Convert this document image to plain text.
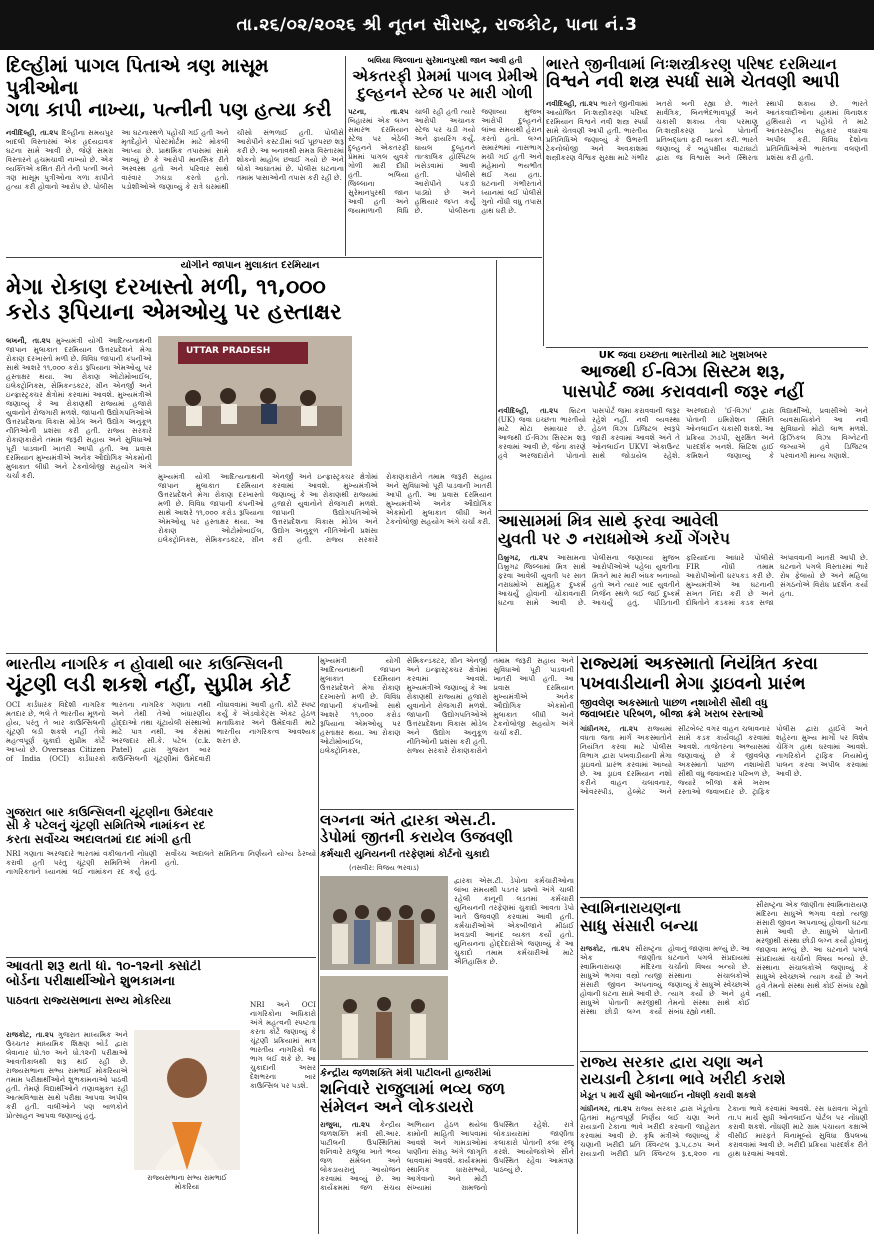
તા.૨૬/૦૨/૨૦૨૬ શ્રી નૂતન સૌરાષ્ટ્ર, રાજકોટ, પાના નં.3
દિલ્હીમાં પાગલ પિતાએ ત્રણ માસૂમ પુત્રીઓના
ગળા કાપી નાખ્યા, પત્નીની પણ હત્યા કરી
નવીદિલ્હી, તા.૨૫ દિલ્હીના સમયપુર બાદલી વિસ્તારમાં એક હૃદયદ્રાવક ઘટના સામે આવી છે, જેણે સમગ્ર વિસ્તારને હચમચાવી નાખ્યો છે. એક વ્યક્તિએ કથિત રીતે તેની પત્ની અને ત્રણ માસૂમ પુત્રીઓના ગળા કાપીને હત્યા કરી હોવાનો આરોપ છે. પોલીસ આ ઘટનાસ્થળે પહોંચી ગઈ હતી અને મૃતદેહોને પોસ્ટમોર્ટમ માટે મોકલી આપ્યા છે. પ્રાથમિક તપાસમાં સામે આવ્યું છે કે આરોપી માનસિક રીતે અસ્વસ્થ હતો અને પરિવાર સાથે વારંવાર ઝઘડા કરતો હતો. પડોશીઓએ જણાવ્યું કે રાત્રે ઘરમાંથી ચીસો સંભળાઈ હતી. પોલીસે આરોપીને કસ્ટડીમાં લઈ પૂછપરછ શરૂ કરી છે. આ બનાવથી સમગ્ર વિસ્તારમાં શોકનો માહોલ છવાઈ ગયો છે અને લોકો આઘાતમાં છે. પોલીસ ઘટનાના તમામ પાસાઓની તપાસ કરી રહી છે.
બલિયા જિલ્લાના સુરેમાનપુરથી જાન આવી હતી
એકતરફી પ્રેમમાં પાગલ પ્રેમીએ
દુલ્હનને સ્ટેજ પર મારી ગોળી
પટના, તા.૨૫ બિહારમાં એક લગ્ન સમારંભ દરમિયાન સ્ટેજ પર બેઠેલી દુલ્હનને એકતરફી પ્રેમમાં પાગલ યુવકે ગોળી મારી દીધી હતી. બલિયા જિલ્લાના સુરેમાનપુરથી જાન આવી હતી અને જયમાળાની વિધિ ચાલી રહી હતી ત્યારે આરોપી અચાનક સ્ટેજ પર ચડી ગયો અને ફાયરિંગ કર્યું. ઘાયલ દુલ્હનને તાત્કાલિક હોસ્પિટલ ખસેડવામાં આવી હતી. પોલીસે આરોપીને પકડી પાડ્યો છે અને હથિયાર જપ્ત કર્યું છે. પોલીસના જણાવ્યા મુજબ આરોપી દુલ્હનને લાંબા સમયથી હેરાન કરતો હતો. લગ્ન સમારંભમાં નાસભાગ મચી ગઈ હતી અને મહેમાનો ભયભીત થઈ ગયા હતા. ઘટનાની ગંભીરતાને ધ્યાનમાં લઈ પોલીસે ગુનો નોંધી વધુ તપાસ હાથ ધરી છે.
ભારતે જીનીવામાં નિઃશસ્ત્રીકરણ પરિષદ દરમિયાન
વિશ્વને નવી શસ્ત્ર સ્પર્ધા સામે ચેતવણી આપી
નવીદિલ્હી, તા.૨૫ ભારતે જીનીવામાં આયોજિત નિઃશસ્ત્રીકરણ પરિષદ દરમિયાન વિશ્વને નવી શસ્ત્ર સ્પર્ધા સામે ચેતવણી આપી હતી. ભારતીય પ્રતિનિધિએ જણાવ્યું કે ઉભરતી ટેકનોલોજી અને અવકાશમાં શસ્ત્રીકરણ વૈશ્વિક સુરક્ષા માટે ગંભીર ખતરો બની રહ્યા છે. ભારતે સાર્વત્રિક, બિનભેદભાવપૂર્ણ અને ચકાસી શકાય તેવા પરમાણુ નિઃશસ્ત્રીકરણ પ્રત્યે પોતાની પ્રતિબદ્ધતા ફરી વ્યક્ત કરી. ભારતે જણાવ્યું કે બહુપક્ષીય વાટાઘાટો દ્વારા જ વિશ્વાસ અને સ્થિરતા સ્થાપી શકાય છે. ભારતે આતંકવાદીઓના હાથમાં વિનાશક હથિયારો ન પહોંચે તે માટે આંતરરાષ્ટ્રીય સહકાર વધારવા અપીલ કરી. વિવિધ દેશોના પ્રતિનિધિઓએ ભારતના વલણની પ્રશંસા કરી હતી.
યોગીને જાપાન મુલાકાત દરમિયાન
મેગા રોકાણ દરખાસ્તો મળી, ૧૧,૦૦૦
કરોડ રૂપિયાના એમઓયુ પર હસ્તાક્ષર
UTTAR PRADESH
લખનૌ, તા.૨૫ મુખ્યમંત્રી યોગી આદિત્યનાથની જાપાન મુલાકાત દરમિયાન ઉત્તરપ્રદેશને મેગા રોકાણ દરખાસ્તો મળી છે. વિવિધ જાપાની કંપનીઓ સાથે આશરે ૧૧,૦૦૦ કરોડ રૂપિયાના એમઓયુ પર હસ્તાક્ષર થયા. આ રોકાણ ઓટોમોબાઈલ, ઇલેક્ટ્રોનિક્સ, સેમિકન્ડક્ટર, ગ્રીન એનર્જી અને ઇન્ફ્રાસ્ટ્રક્ચર ક્ષેત્રોમાં કરવામાં આવશે. મુખ્યમંત્રીએ જણાવ્યું કે આ રોકાણથી રાજ્યમાં હજારો યુવાનોને રોજગારી મળશે. જાપાની ઉદ્યોગપતિઓએ ઉત્તરપ્રદેશના વિકાસ મોડેલ અને ઉદ્યોગ અનુકૂળ નીતિઓની પ્રશંસા કરી હતી. રાજ્ય સરકારે રોકાણકારોને તમામ જરૂરી સહાય અને સુવિધાઓ પૂરી પાડવાની ખાતરી આપી હતી. આ પ્રવાસ દરમિયાન મુખ્યમંત્રીએ અનેક ઔદ્યોગિક એકમોની મુલાકાત લીધી અને ટેકનોલોજી સહયોગ અંગે ચર્ચા કરી.	મુખ્યમંત્રી યોગી આદિત્યનાથની જાપાન મુલાકાત દરમિયાન ઉત્તરપ્રદેશને મેગા રોકાણ દરખાસ્તો મળી છે. વિવિધ જાપાની કંપનીઓ સાથે આશરે ૧૧,૦૦૦ કરોડ રૂપિયાના એમઓયુ પર હસ્તાક્ષર થયા. આ રોકાણ ઓટોમોબાઈલ, ઇલેક્ટ્રોનિક્સ, સેમિકન્ડક્ટર, ગ્રીન એનર્જી અને ઇન્ફ્રાસ્ટ્રક્ચર ક્ષેત્રોમાં કરવામાં આવશે. મુખ્યમંત્રીએ જણાવ્યું કે આ રોકાણથી રાજ્યમાં હજારો યુવાનોને રોજગારી મળશે. જાપાની ઉદ્યોગપતિઓએ ઉત્તરપ્રદેશના વિકાસ મોડેલ અને ઉદ્યોગ અનુકૂળ નીતિઓની પ્રશંસા કરી હતી. રાજ્ય સરકારે રોકાણકારોને તમામ જરૂરી સહાય અને સુવિધાઓ પૂરી પાડવાની ખાતરી આપી હતી. આ પ્રવાસ દરમિયાન મુખ્યમંત્રીએ અનેક ઔદ્યોગિક એકમોની મુલાકાત લીધી અને ટેકનોલોજી સહયોગ અંગે ચર્ચા કરી.
UK જવા ઇચ્છતા ભારતીયો માટે ખુશખબર
આજથી ઈ-વિઝા સિસ્ટમ શરૂ,
પાસપોર્ટ જમા કરાવવાની જરૂર નહીં
નવીદિલ્હી, તા.૨૫ બ્રિટન (UK) જવા ઇચ્છતા ભારતીયો માટે મોટા સમાચાર છે. આજથી ઈ-વિઝા સિસ્ટમ શરૂ કરવામાં આવી છે, જેના કારણે હવે અરજદારોને પોતાનો પાસપોર્ટ જમા કરાવવાની જરૂર રહેશે નહીં. નવી વ્યવસ્થા હેઠળ વિઝા ડિજિટલ સ્વરૂપે જારી કરવામાં આવશે અને તે ઓનલાઈન UKVI એકાઉન્ટ સાથે જોડાયેલ રહેશે. અરજદારો 'ઈ-વિઝા' દ્વારા પોતાની ઇમિગ્રેશન સ્થિતિ ઓનલાઈન ચકાસી શકશે. આ પ્રક્રિયા ઝડપી, સુરક્ષિત અને પારદર્શક બનશે. બ્રિટિશ હાઈ કમિશને જણાવ્યું કે વિદ્યાર્થીઓ, પ્રવાસીઓ અને વ્યવસાયિકોને આ નવી સુવિધાનો મોટો લાભ મળશે. ફિઝિકલ વિઝા વિગ્નેટની જગ્યાએ હવે ડિજિટલ પરવાનગી માન્ય ગણાશે.
આસામમાં મિત્ર સાથે ફરવા આવેલી
યુવતી પર ૭ નરાધમોએ કર્યો ગેંગરેપ
ડિબ્રુગઢ, તા.૨૫ આસામના ડિબ્રુગઢ જિલ્લામાં મિત્ર સાથે ફરવા આવેલી યુવતી પર સાત નરાધમોએ સામૂહિક દુષ્કર્મ આચર્યું હોવાની ચોંકાવનારી ઘટના સામે આવી છે. પોલીસના જણાવ્યા મુજબ આરોપીઓએ પહેલા યુવતીના મિત્રને માર મારી બંધક બનાવ્યો હતો અને ત્યાર બાદ યુવતીને નિર્જન સ્થળે લઈ જઈ દુષ્કર્મ આચર્યું હતું. પીડિતાની ફરિયાદના આધારે પોલીસે FIR નોંધી તમામ આરોપીઓની ધરપકડ કરી છે. મુખ્યમંત્રીએ આ ઘટનાની સખત નિંદા કરી છે અને દોષિતોને કડકમાં કડક સજા અપાવવાની ખાતરી આપી છે. ઘટનાને પગલે વિસ્તારમાં ભારે રોષ ફેલાયો છે અને મહિલા સંગઠનોએ વિરોધ પ્રદર્શન કર્યા હતા.
રાજ્યમાં અકસ્માતો નિયંત્રિત કરવા
પખવાડીયાની મેગા ડ્રાઇવનો પ્રારંભ
જીવલેણ અકસ્માતો પાછળ નશાખોરી સૌથી વધુ
જવાબદાર પરિબળ, બીજા ક્રમે ખરાબ રસ્તાઓ
ગાંધીનગર, તા.૨૫ રાજ્યમાં વધતા જતા માર્ગ અકસ્માતોને નિયંત્રિત કરવા માટે પોલીસ વિભાગ દ્વારા પખવાડીયાની મેગા ડ્રાઇવનો પ્રારંભ કરવામાં આવ્યો છે. આ ડ્રાઇવ દરમિયાન નશો કરીને વાહન ચલાવનાર, ઓવરસ્પીડ, હેલ્મેટ અને સીટબેલ્ટ વગર વાહન ચલાવનાર સામે કડક કાર્યવાહી કરવામાં આવશે. તાજેતરના અભ્યાસમાં જણાવાયું છે કે જીવલેણ અકસ્માતો પાછળ નશાખોરી સૌથી વધુ જવાબદાર પરિબળ છે, જ્યારે બીજા ક્રમે ખરાબ રસ્તાઓ જવાબદાર છે. ટ્રાફિક પોલીસ દ્વારા હાઈવે અને શહેરના મુખ્ય માર્ગો પર વિશેષ ચેકિંગ હાથ ધરવામાં આવશે. નાગરિકોને ટ્રાફિક નિયમોનું પાલન કરવા અપીલ કરવામાં આવી છે.
ભારતીય નાગરિક ન હોવાથી બાર કાઉન્સિલની
ચૂંટણી લડી શકશે નહીં, સુપ્રીમ કોર્ટ
OCI કાર્ડધારક વિદેશી નાગરિક મતદાર છે, ભલે તે ભારતીય મૂળનો હોય, પરંતુ તે બાર કાઉન્સિલની ચૂંટણી લડી શકશે નહીં તેવો મહત્વપૂર્ણ ચુકાદો સુપ્રીમ કોર્ટે આપ્યો છે. Overseas Citizen of India (OCI) કાર્ડધારકો ભારતના નાગરિક ગણાતા નથી અને તેથી તેઓ બંધારણીય હોદ્દાઓ તથા ચૂંટાયેલી સંસ્થાઓ માટે પાત્ર નથી. આ કેસમાં અરજદાર સી.કે. પટેલ (c.k. Patel) દ્વારા ગુજરાત બાર કાઉન્સિલની ચૂંટણીમાં ઉમેદવારી નોંધાવવામાં આવી હતી. કોર્ટે સ્પષ્ટ કર્યું કે એડવોકેટ્સ એક્ટ હેઠળ મતાધિકાર અને ઉમેદવારી માટે ભારતીય નાગરિકત્વ આવશ્યક શરત છે.
ગુજરાત બાર કાઉન્સિલની ચૂંટણીના ઉમેદવાર
સી કે પટેલનું ચૂંટણી સમિતિએ નામાંકન રદ
કરતા સર્વોચ્ચ અદાલતમાં દાદ માંગી હતી
NRI ગણાતા અરજદારે ભારતમાં વકીલાતની નોંધણી કરાવી હતી પરંતુ ચૂંટણી સમિતિએ તેમની નાગરિકતાને ધ્યાનમાં લઈ નામાંકન રદ કર્યું હતું. સર્વોચ્ચ અદાલતે સમિતિના નિર્ણયને યોગ્ય ઠેરવ્યો હતો.
આવતી શરૂ થતી ધો. ૧૦-૧૨ની ક્સોટી
બોર્ડના પરીક્ષાર્થીઓને શુભકામના
પાઠવતા રાજ્યસભાના સભ્ય મોકરિયા
રાજ્યસભાના સભ્ય રામભાઈ મોકરિયા
રાજકોટ, તા.૨૫ ગુજરાત માધ્યમિક અને ઉચ્ચતર માધ્યમિક શિક્ષણ બોર્ડ દ્વારા લેવાનાર ધો.૧૦ અને ધો.૧૨ની પરીક્ષાઓ આવતીકાલથી શરૂ થઈ રહી છે. રાજ્યસભાના સભ્ય રામભાઈ મોકરિયાએ તમામ પરીક્ષાર્થીઓને શુભકામનાઓ પાઠવી હતી. તેમણે વિદ્યાર્થીઓને તણાવમુક્ત રહી આત્મવિશ્વાસ સાથે પરીક્ષા આપવા અપીલ કરી હતી. વાલીઓને પણ બાળકોને પ્રોત્સાહન આપવા જણાવ્યું હતું.
NRI અને OCI નાગરિકોના અધિકારો અંગે મહત્વની સ્પષ્ટતા કરતા કોર્ટે જણાવ્યું કે ચૂંટણી પ્રક્રિયામાં માત્ર ભારતીય નાગરિકો જ ભાગ લઈ શકે છે. આ ચુકાદાની અસર દેશભરના બાર કાઉન્સિલ પર પડશે.
લગ્નના અંતે દ્વારકા એસ.ટી.
ડેપોમાં જીતની કરાયેલ ઉજવણી
કર્મચારી યુનિયનની તરફેણમાં કોર્ટનો ચુકાદો
(તસવીર: વિજય ભરવાડ)
દ્વારકા એસ.ટી. ડેપોના કર્મચારીઓના લાંબા સમયથી પડતર પ્રશ્નો અંગે ચાલી રહેલી કાનૂની લડતમાં કર્મચારી યુનિયનની તરફેણમાં ચુકાદો આવતા ડેપો ખાતે ઉજવણી કરવામાં આવી હતી. કર્મચારીઓએ એકબીજાને મીઠાઈ ખવડાવી આનંદ વ્યક્ત કર્યો હતો. યુનિયનના હોદ્દેદારોએ જણાવ્યું કે આ ચુકાદો તમામ કર્મચારીઓ માટે ઐતિહાસિક છે.
સ્વામિનારાયણના
સાધુ સંસારી બન્યા
રાજકોટ, તા.૨૫ સૌરાષ્ટ્રના એક જાણીતા સ્વામિનારાયણ મંદિરના સાધુએ ભગવા વસ્ત્રો ત્યજી સંસારી જીવન અપનાવ્યું હોવાની ઘટના સામે આવી છે. સાધુએ પોતાની મરજીથી સંસ્થા છોડી લગ્ન કર્યા હોવાનું જાણવા મળ્યું છે. આ ઘટનાને પગલે સંપ્રદાયમાં ચર્ચાનો વિષય બન્યો છે. સંસ્થાના સંચાલકોએ જણાવ્યું કે સાધુએ સ્વેચ્છાએ ત્યાગ કર્યો છે અને હવે તેમનો સંસ્થા સાથે કોઈ સંબંધ રહ્યો નથી.
સૌરાષ્ટ્રના એક જાણીતા સ્વામિનારાયણ મંદિરના સાધુએ ભગવા વસ્ત્રો ત્યજી સંસારી જીવન અપનાવ્યું હોવાની ઘટના સામે આવી છે. સાધુએ પોતાની મરજીથી સંસ્થા છોડી લગ્ન કર્યા હોવાનું જાણવા મળ્યું છે. આ ઘટનાને પગલે સંપ્રદાયમાં ચર્ચાનો વિષય બન્યો છે. સંસ્થાના સંચાલકોએ જણાવ્યું કે સાધુએ સ્વેચ્છાએ ત્યાગ કર્યો છે અને હવે તેમનો સંસ્થા સાથે કોઈ સંબંધ રહ્યો નથી.
રાજ્ય સરકાર દ્વારા ચણા અને
રાયડાની ટેકાના ભાવે ખરીદી કરાશે
ખેડૂત ૫ માર્ચ સુધી ઓનલાઈન નોંધણી કરાવી શકશે
ગાંધીનગર, તા.૨૫ રાજ્ય સરકાર દ્વારા ખેડૂતોના હિતમાં મહત્વપૂર્ણ નિર્ણય લઈ ચણા અને રાયડાની ટેકાના ભાવે ખરીદી કરવાની જાહેરાત કરવામાં આવી છે. કૃષિ મંત્રીએ જણાવ્યું કે ચણાની ખરીદી પ્રતિ ક્વિન્ટલ રૂ.૫,૮૭૫ અને રાયડાની ખરીદી પ્રતિ ક્વિન્ટલ રૂ.૬,૨૦૦ ના ટેકાના ભાવે કરવામાં આવશે. રસ ધરાવતા ખેડૂતો તા.૫ માર્ચ સુધી ઓનલાઈન પોર્ટલ પર નોંધણી કરાવી શકશે. નોંધણી માટે ગ્રામ પંચાયત કક્ષાએ વીસીઈ મારફતે વિનામૂલ્યે સુવિધા ઉપલબ્ધ કરાવવામાં આવી છે. ખરીદી પ્રક્રિયા પારદર્શક રીતે હાથ ધરવામાં આવશે.
કેન્દ્રીય જળશક્તિ મંત્રી પાટીલની હાજરીમાં
શનિવારે રાજુલામાં ભવ્ય જળ
સંમેલન અને લોકડાયરો
રાજુલા, તા.૨૫ કેન્દ્રીય જળશક્તિ મંત્રી સી.આર. પાટીલની ઉપસ્થિતિમાં શનિવારે રાજુલા ખાતે ભવ્ય જળ સંમેલન અને લોકડાયરાનું આયોજન કરવામાં આવ્યું છે. આ કાર્યક્રમમાં જળ સંચય અભિયાન હેઠળ થયેલા કામોની માહિતી આપવામાં આવશે અને ગામડાઓમાં પાણીના સંગ્રહ અંગે જાગૃતિ લાવવામાં આવશે. કાર્યક્રમમાં સ્થાનિક ધારાસભ્યો, આગેવાનો અને મોટી સંખ્યામાં ગ્રામજનો ઉપસ્થિત રહેશે. રાત્રે લોકડાયરામાં જાણીતા કલાકારો પોતાની કલા રજૂ કરશે. આયોજકોએ સૌને ઉપસ્થિત રહેવા આમંત્રણ પાઠવ્યું છે.
મુખ્યમંત્રી યોગી આદિત્યનાથની જાપાન મુલાકાત દરમિયાન ઉત્તરપ્રદેશને મેગા રોકાણ દરખાસ્તો મળી છે. વિવિધ જાપાની કંપનીઓ સાથે આશરે ૧૧,૦૦૦ કરોડ રૂપિયાના એમઓયુ પર હસ્તાક્ષર થયા. આ રોકાણ ઓટોમોબાઈલ, ઇલેક્ટ્રોનિક્સ, સેમિકન્ડક્ટર, ગ્રીન એનર્જી અને ઇન્ફ્રાસ્ટ્રક્ચર ક્ષેત્રોમાં કરવામાં આવશે. મુખ્યમંત્રીએ જણાવ્યું કે આ રોકાણથી રાજ્યમાં હજારો યુવાનોને રોજગારી મળશે. જાપાની ઉદ્યોગપતિઓએ ઉત્તરપ્રદેશના વિકાસ મોડેલ અને ઉદ્યોગ અનુકૂળ નીતિઓની પ્રશંસા કરી હતી. રાજ્ય સરકારે રોકાણકારોને તમામ જરૂરી સહાય અને સુવિધાઓ પૂરી પાડવાની ખાતરી આપી હતી. આ પ્રવાસ દરમિયાન મુખ્યમંત્રીએ અનેક ઔદ્યોગિક એકમોની મુલાકાત લીધી અને ટેકનોલોજી સહયોગ અંગે ચર્ચા કરી.
